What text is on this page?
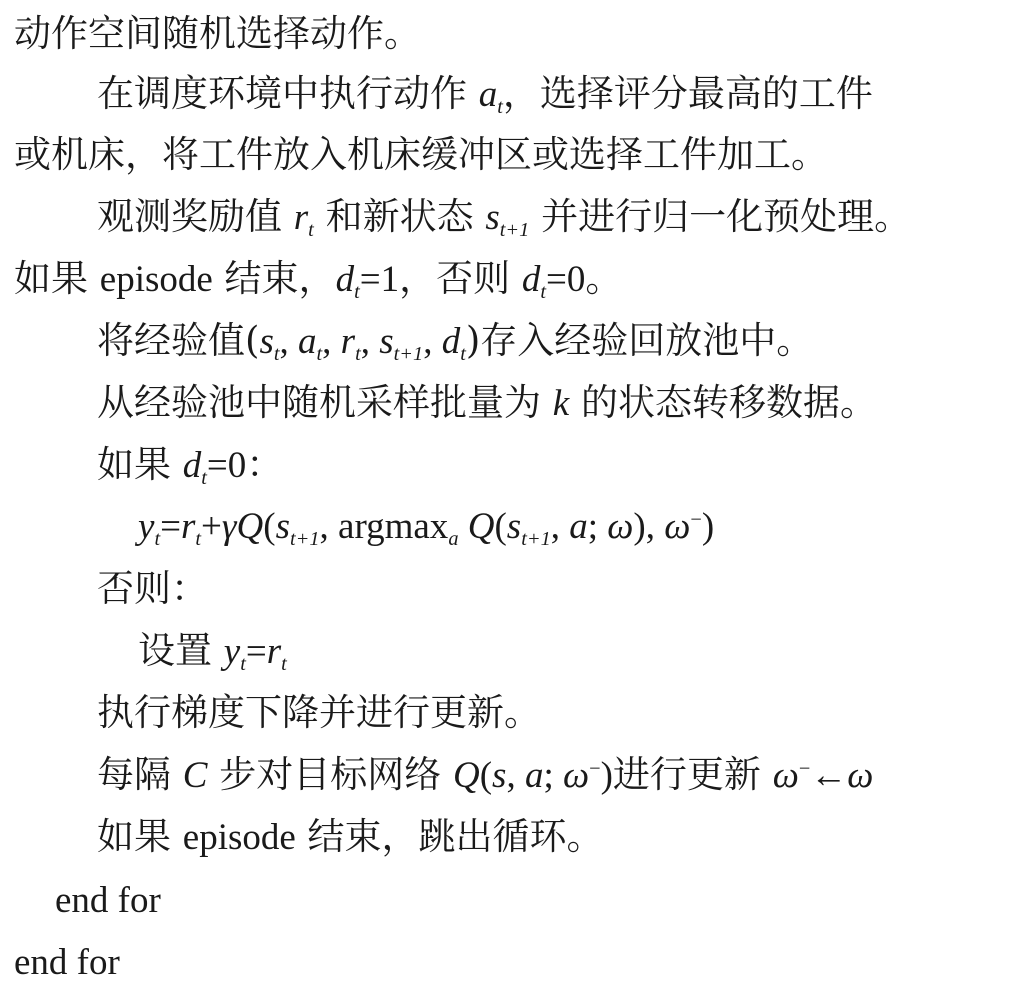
动作空间随机选择动作。
在调度环境中执行动作 $a_t$，选择评分最高的工件
或机床，将工件放入机床缓冲区或选择工件加工。
观测奖励值 $r_t$ 和新状态 $s_{t+1}$ 并进行归一化预处理。
如果 episode 结束，$d_t=1$，否则 $d_t=0$。
将经验值($s_t$, $a_t$, $r_t$, $s_{t+1}$, $d_t$)存入经验回放池中。
从经验池中随机采样批量为 k 的状态转移数据。
如果 $d_t=0$：
$y_t=r_t+\gamma Q(s_{t+1}$, argmax$_a$ $Q(s_{t+1}$, a; ω), ω−)
否则：
设置 $y_t=r_t$
执行梯度下降并进行更新。
每隔 C 步对目标网络 Q(s, a; ω−)进行更新 ω−←ω
如果 episode 结束，跳出循环。
end for
end for
